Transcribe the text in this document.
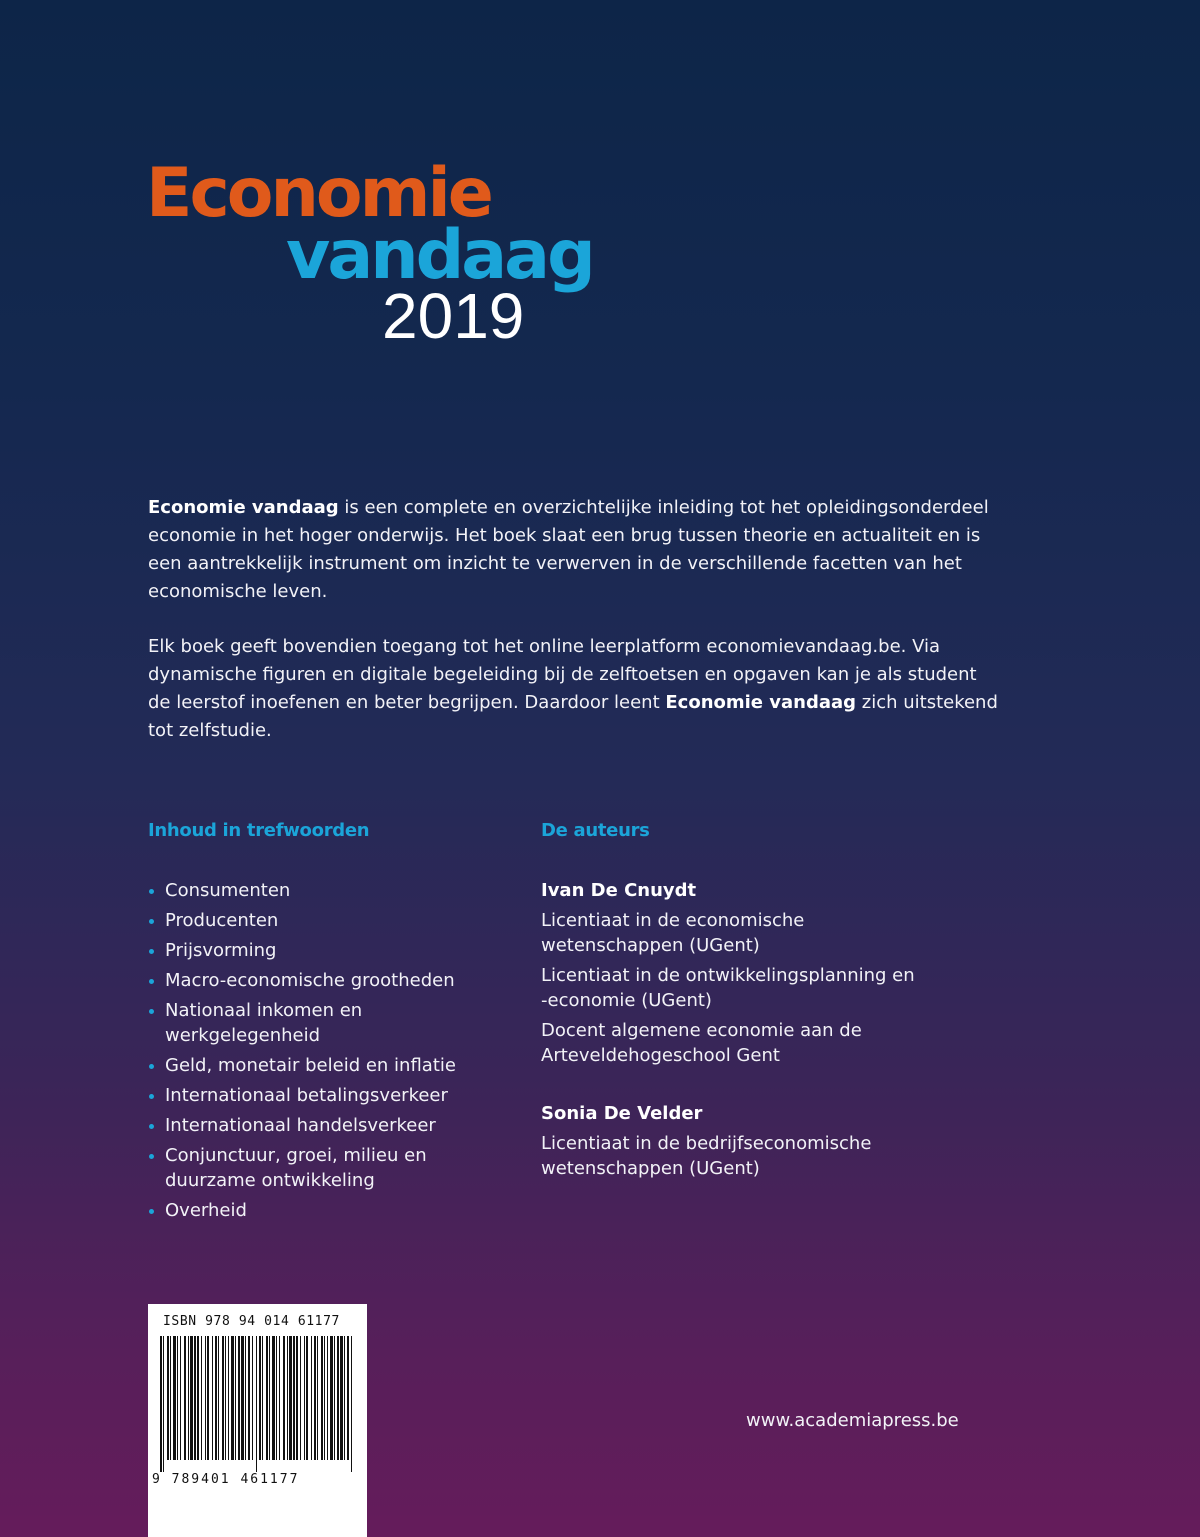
Economie
vandaag
2019

Economie vandaag is een complete en overzichtelijke inleiding tot het opleidingsonderdeel economie in het hoger onderwijs. Het boek slaat een brug tussen theorie en actualiteit en is een aantrekkelijk instrument om inzicht te verwerven in de verschillende facetten van het economische leven.

Elk boek geeft bovendien toegang tot het online leerplatform economievandaag.be. Via dynamische figuren en digitale begeleiding bij de zelftoetsen en opgaven kan je als student de leerstof inoefenen en beter begrijpen. Daardoor leent Economie vandaag zich uitstekend tot zelfstudie.

Inhoud in trefwoorden	De auteurs
Consumenten
Producenten
Prijsvorming
Macro-economische grootheden
Nationaal inkomen en werkgelegenheid
Geld, monetair beleid en inflatie
Internationaal betalingsverkeer
Internationaal handelsverkeer
Conjunctuur, groei, milieu en duurzame ontwikkeling
Overheid
Ivan De Cnuydt
Licentiaat in de economische wetenschappen (UGent)
Licentiaat in de ontwikkelingsplanning en -economie (UGent)
Docent algemene economie aan de Arteveldehogeschool Gent
Sonia De Velder
Licentiaat in de bedrijfseconomische wetenschappen (UGent)
ISBN 978 94 014 61177
9 789401 461177
www.academiapress.be
